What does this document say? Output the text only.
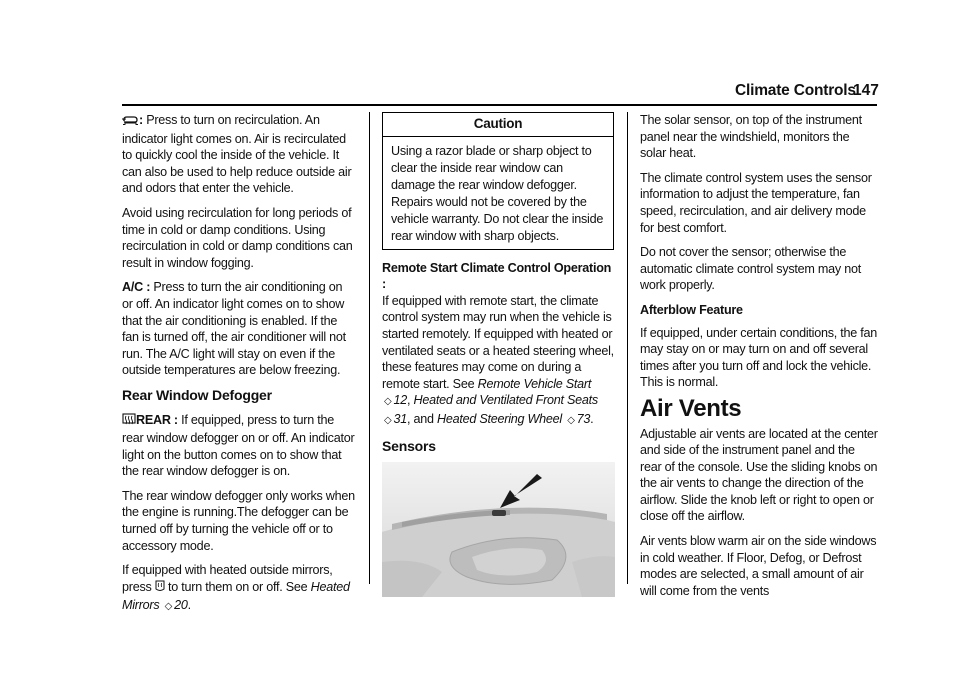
Climate Controls
147

: Press to turn on recirculation. An indicator light comes on. Air is recirculated to quickly cool the inside of the vehicle. It can also be used to help reduce outside air and odors that enter the vehicle.

Avoid using recirculation for long periods of time in cold or damp conditions. Using recirculation in cold or damp conditions can result in window fogging.

A/C : Press to turn the air conditioning on or off. An indicator light comes on to show that the air conditioning is enabled. If the fan is turned off, the air conditioner will not run. The A/C light will stay on even if the outside temperatures are below freezing.

Rear Window Defogger

REAR : If equipped, press to turn the rear window defogger on or off. An indicator light on the button comes on to show that the rear window defogger is on.

The rear window defogger only works when the engine is running.The defogger can be turned off by turning the vehicle off or to accessory mode.

If equipped with heated outside mirrors,
press to turn them on or off. See Heated Mirrors ◇ 20.

Caution
Using a razor blade or sharp object to clear the inside rear window can damage the rear window defogger. Repairs would not be covered by the vehicle warranty. Do not clear the inside rear window with sharp objects.

Remote Start Climate Control Operation :
If equipped with remote start, the climate control system may run when the vehicle is started remotely. If equipped with heated or ventilated seats or a heated steering wheel, these features may come on during a remote start. See Remote Vehicle Start ◇ 12, Heated and Ventilated Front Seats ◇ 31, and Heated Steering Wheel ◇ 73.

Sensors

The solar sensor, on top of the instrument panel near the windshield, monitors the solar heat.

The climate control system uses the sensor information to adjust the temperature, fan speed, recirculation, and air delivery mode for best comfort.

Do not cover the sensor; otherwise the automatic climate control system may not work properly.

Afterblow Feature

If equipped, under certain conditions, the fan may stay on or may turn on and off several times after you turn off and lock the vehicle. This is normal.

Air Vents

Adjustable air vents are located at the center and side of the instrument panel and the rear of the console. Use the sliding knobs on the air vents to change the direction of the airflow. Slide the knob left or right to open or close off the airflow.

Air vents blow warm air on the side windows in cold weather. If Floor, Defog, or Defrost modes are selected, a small amount of air will come from the vents
